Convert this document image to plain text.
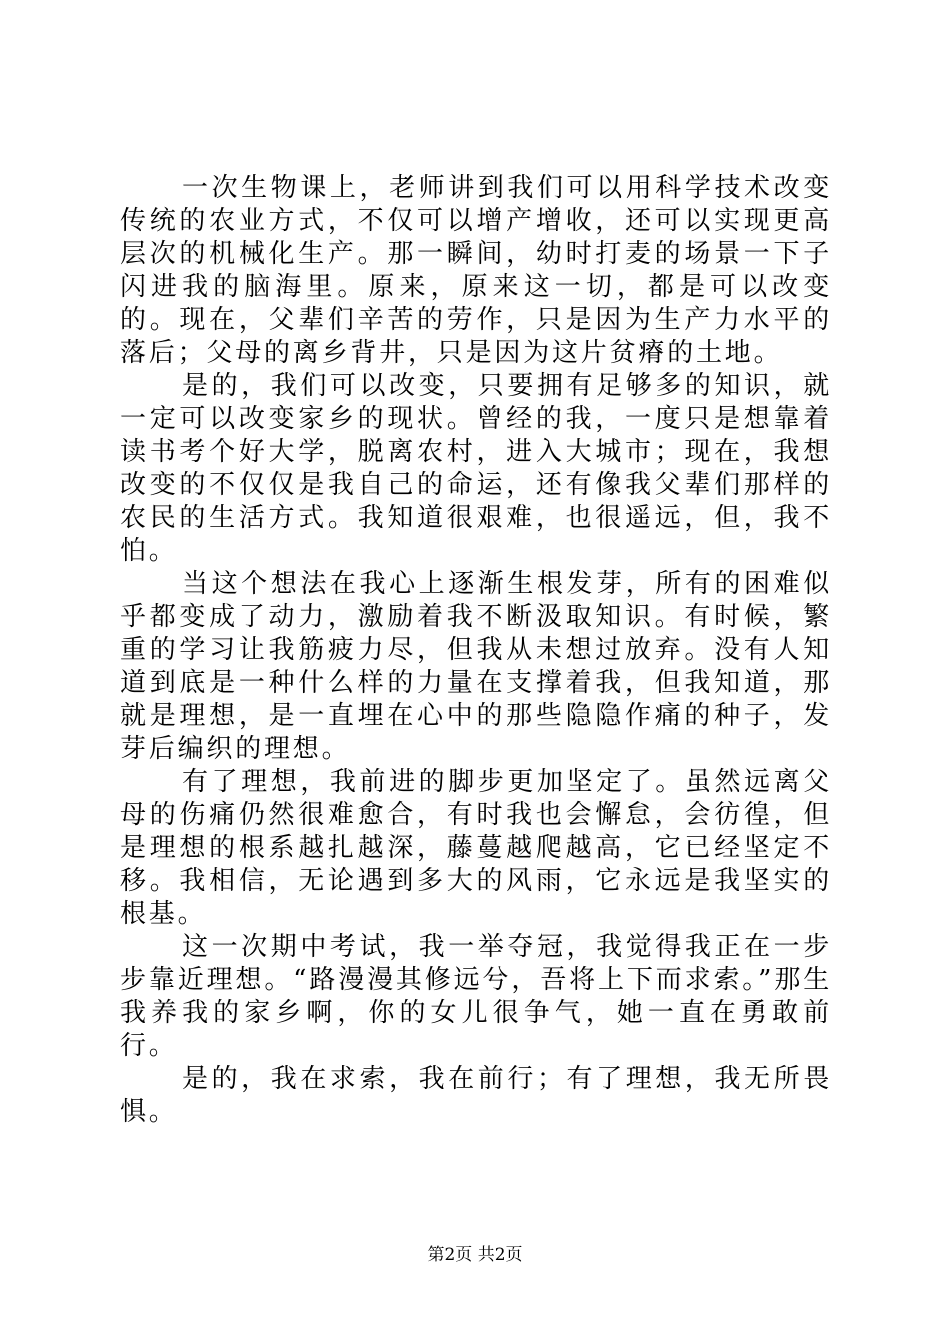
一次生物课上，老师讲到我们可以用科学技术改变传统的农业方式，不仅可以增产增收，还可以实现更高层次的机械化生产。那一瞬间，幼时打麦的场景一下子闪进我的脑海里。原来，原来这一切，都是可以改变的。现在，父辈们辛苦的劳作，只是因为生产力水平的落后；父母的离乡背井，只是因为这片贫瘠的土地。

是的，我们可以改变，只要拥有足够多的知识，就一定可以改变家乡的现状。曾经的我，一度只是想靠着读书考个好大学，脱离农村，进入大城市；现在，我想改变的不仅仅是我自己的命运，还有像我父辈们那样的农民的生活方式。我知道很艰难，也很遥远，但，我不怕。

当这个想法在我心上逐渐生根发芽，所有的困难似乎都变成了动力，激励着我不断汲取知识。有时候，繁重的学习让我筋疲力尽，但我从未想过放弃。没有人知道到底是一种什么样的力量在支撑着我，但我知道，那就是理想，是一直埋在心中的那些隐隐作痛的种子，发芽后编织的理想。

有了理想，我前进的脚步更加坚定了。虽然远离父母的伤痛仍然很难愈合，有时我也会懈怠，会彷徨，但是理想的根系越扎越深，藤蔓越爬越高，它已经坚定不移。我相信，无论遇到多大的风雨，它永远是我坚实的根基。

这一次期中考试，我一举夺冠，我觉得我正在一步步靠近理想。“路漫漫其修远兮，吾将上下而求索。”那生我养我的家乡啊，你的女儿很争气，她一直在勇敢前行。

是的，我在求索，我在前行；有了理想，我无所畏惧。

第2页 共2页
